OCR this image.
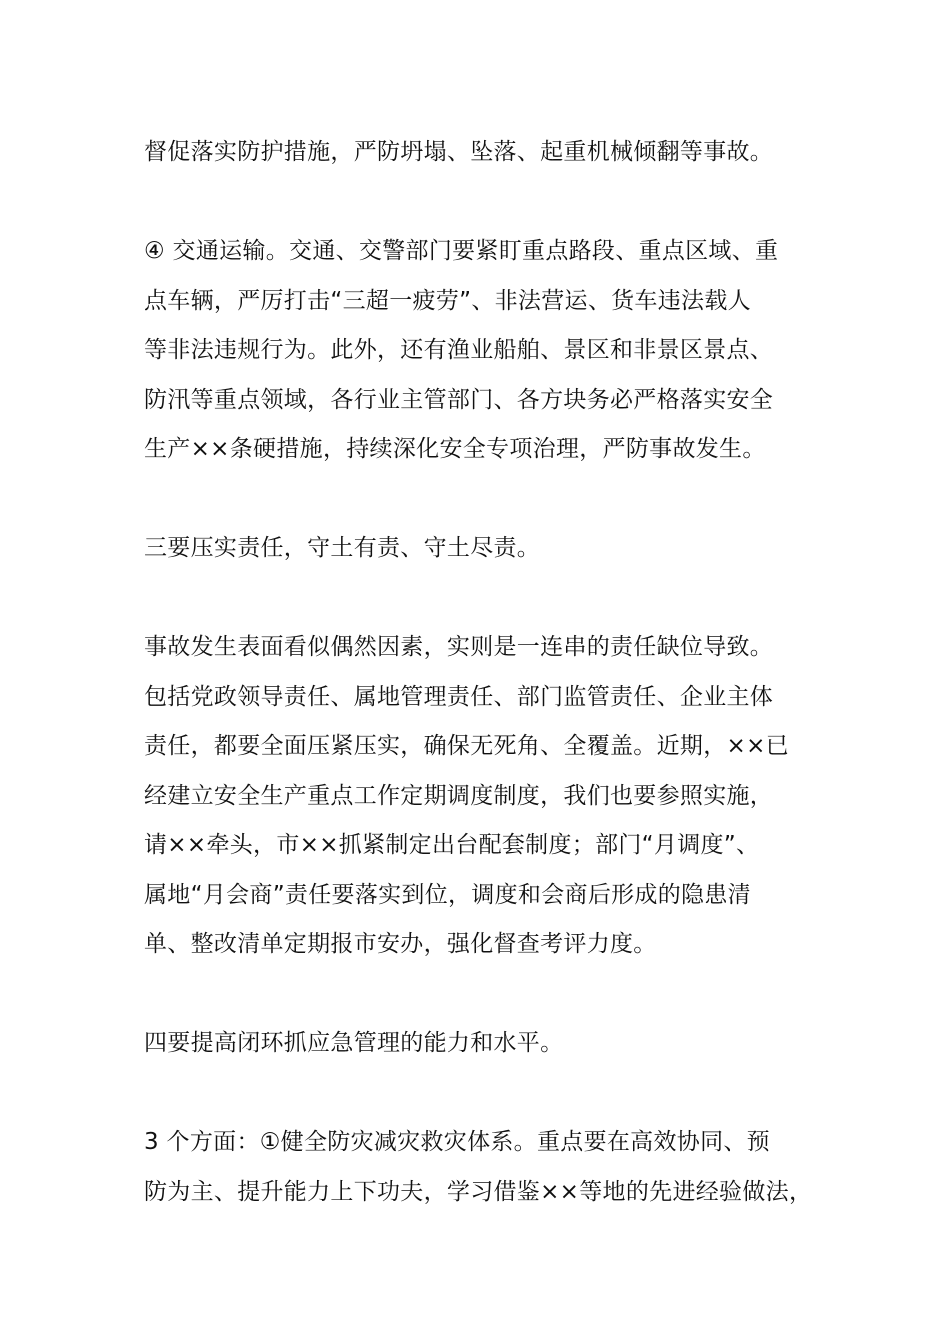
督促落实防护措施，严防坍塌、坠落、起重机械倾翻等事故。

④ 交通运输。交通、交警部门要紧盯重点路段、重点区域、重
点车辆，严厉打击“三超一疲劳”、非法营运、货车违法载人
等非法违规行为。此外，还有渔业船舶、景区和非景区景点、
防汛等重点领域，各行业主管部门、各方块务必严格落实安全
生产××条硬措施，持续深化安全专项治理，严防事故发生。

三要压实责任，守土有责、守土尽责。

事故发生表面看似偶然因素，实则是一连串的责任缺位导致。
包括党政领导责任、属地管理责任、部门监管责任、企业主体
责任，都要全面压紧压实，确保无死角、全覆盖。近期，××已
经建立安全生产重点工作定期调度制度，我们也要参照实施，
请××牵头，市××抓紧制定出台配套制度；部门“月调度”、
属地“月会商”责任要落实到位，调度和会商后形成的隐患清
单、整改清单定期报市安办，强化督查考评力度。

四要提高闭环抓应急管理的能力和水平。

3 个方面：①健全防灾减灾救灾体系。重点要在高效协同、预
防为主、提升能力上下功夫，学习借鉴××等地的先进经验做法，
